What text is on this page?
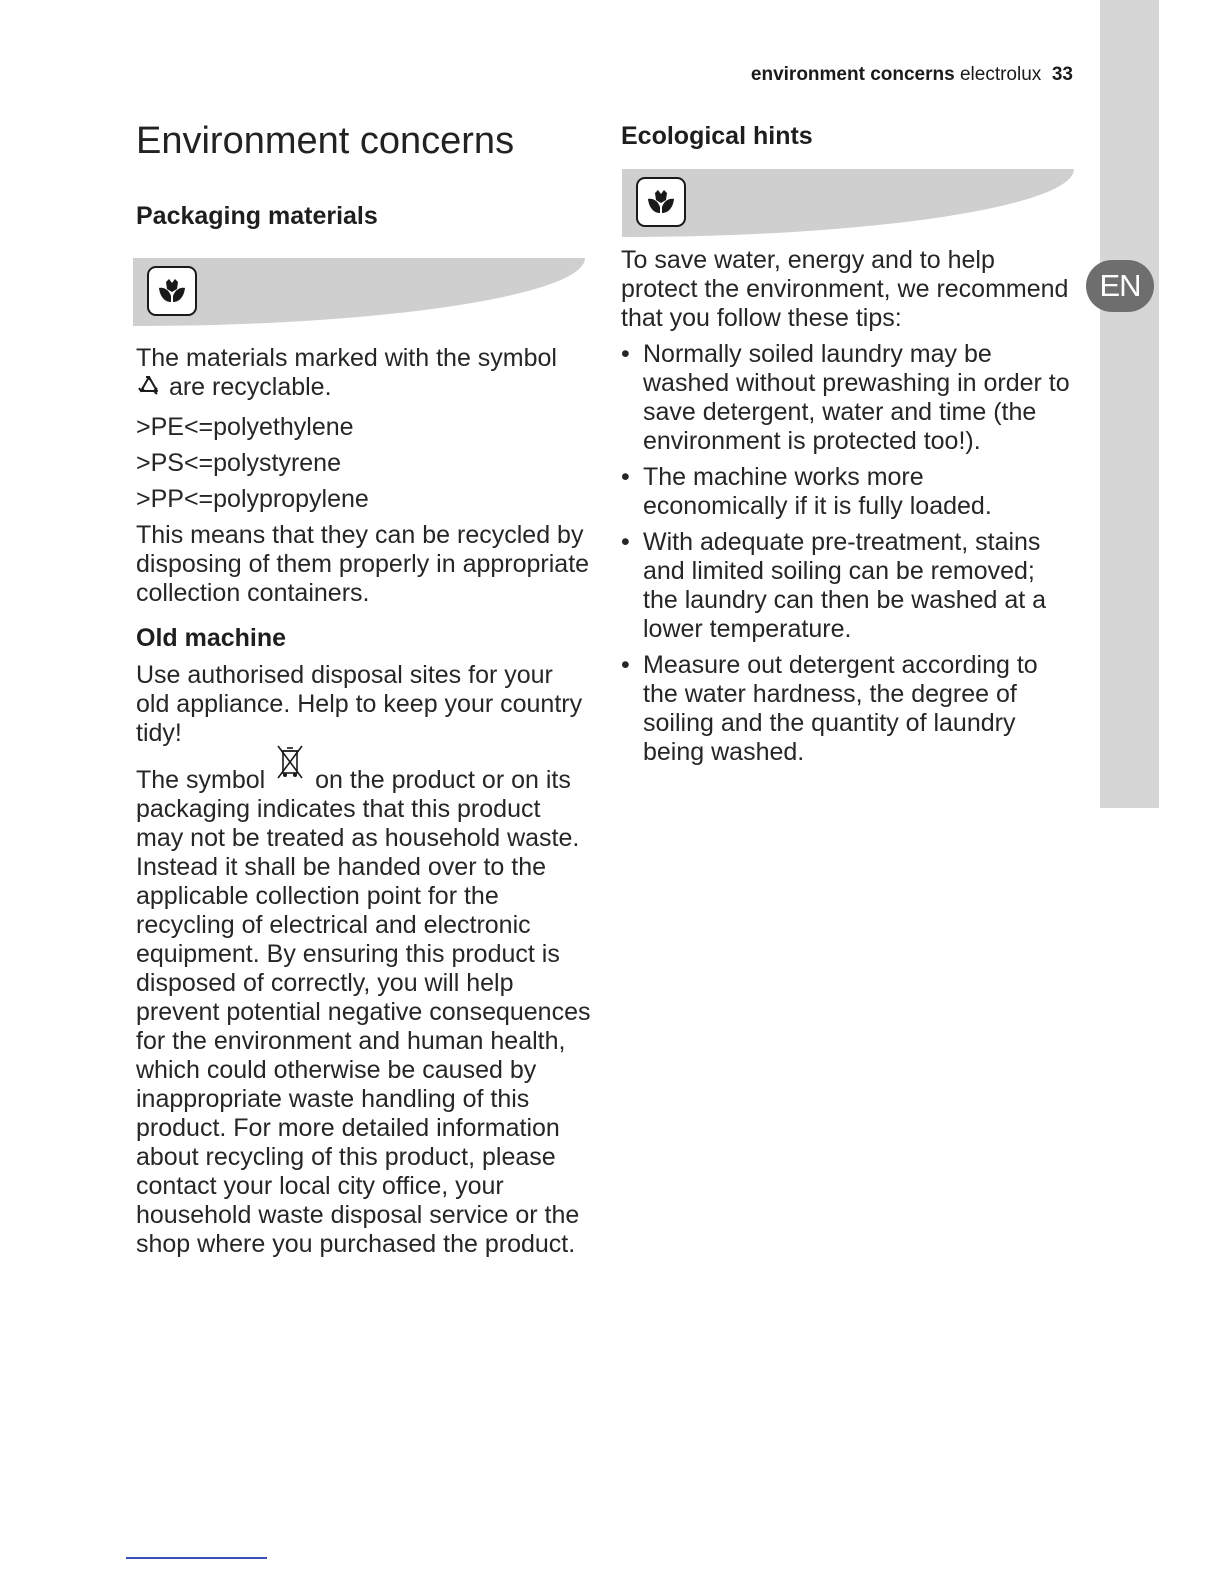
EN
environment concerns electrolux 33
Environment concerns
Packaging materials

The materials marked with the symbol

are recyclable.

>PE<=polyethylene

>PS<=polystyrene

>PP<=polypropylene

This means that they can be recycled by disposing of them properly in appropriate collection containers.

Old machine

Use authorised disposal sites for your old appliance. Help to keep your country tidy!

The symbol on the product or on its

packaging indicates that this product may not be treated as household waste. Instead it shall be handed over to the applicable collection point for the recycling of electrical and electronic equipment. By ensuring this product is disposed of correctly, you will help prevent potential negative consequences for the environment and human health, which could otherwise be caused by inappropriate waste handling of this product. For more detailed information about recycling of this product, please contact your local city office, your household waste disposal service or the shop where you purchased the product.

Ecological hints

To save water, energy and to help protect the environment, we recommend that you follow these tips:

• Normally soiled laundry may be washed without prewashing in order to save detergent, water and time (the environment is protected too!).
• The machine works more economically if it is fully loaded.
• With adequate pre-treatment, stains and limited soiling can be removed; the laundry can then be washed at a lower temperature.
• Measure out detergent according to the water hardness, the degree of soiling and the quantity of laundry being washed.
